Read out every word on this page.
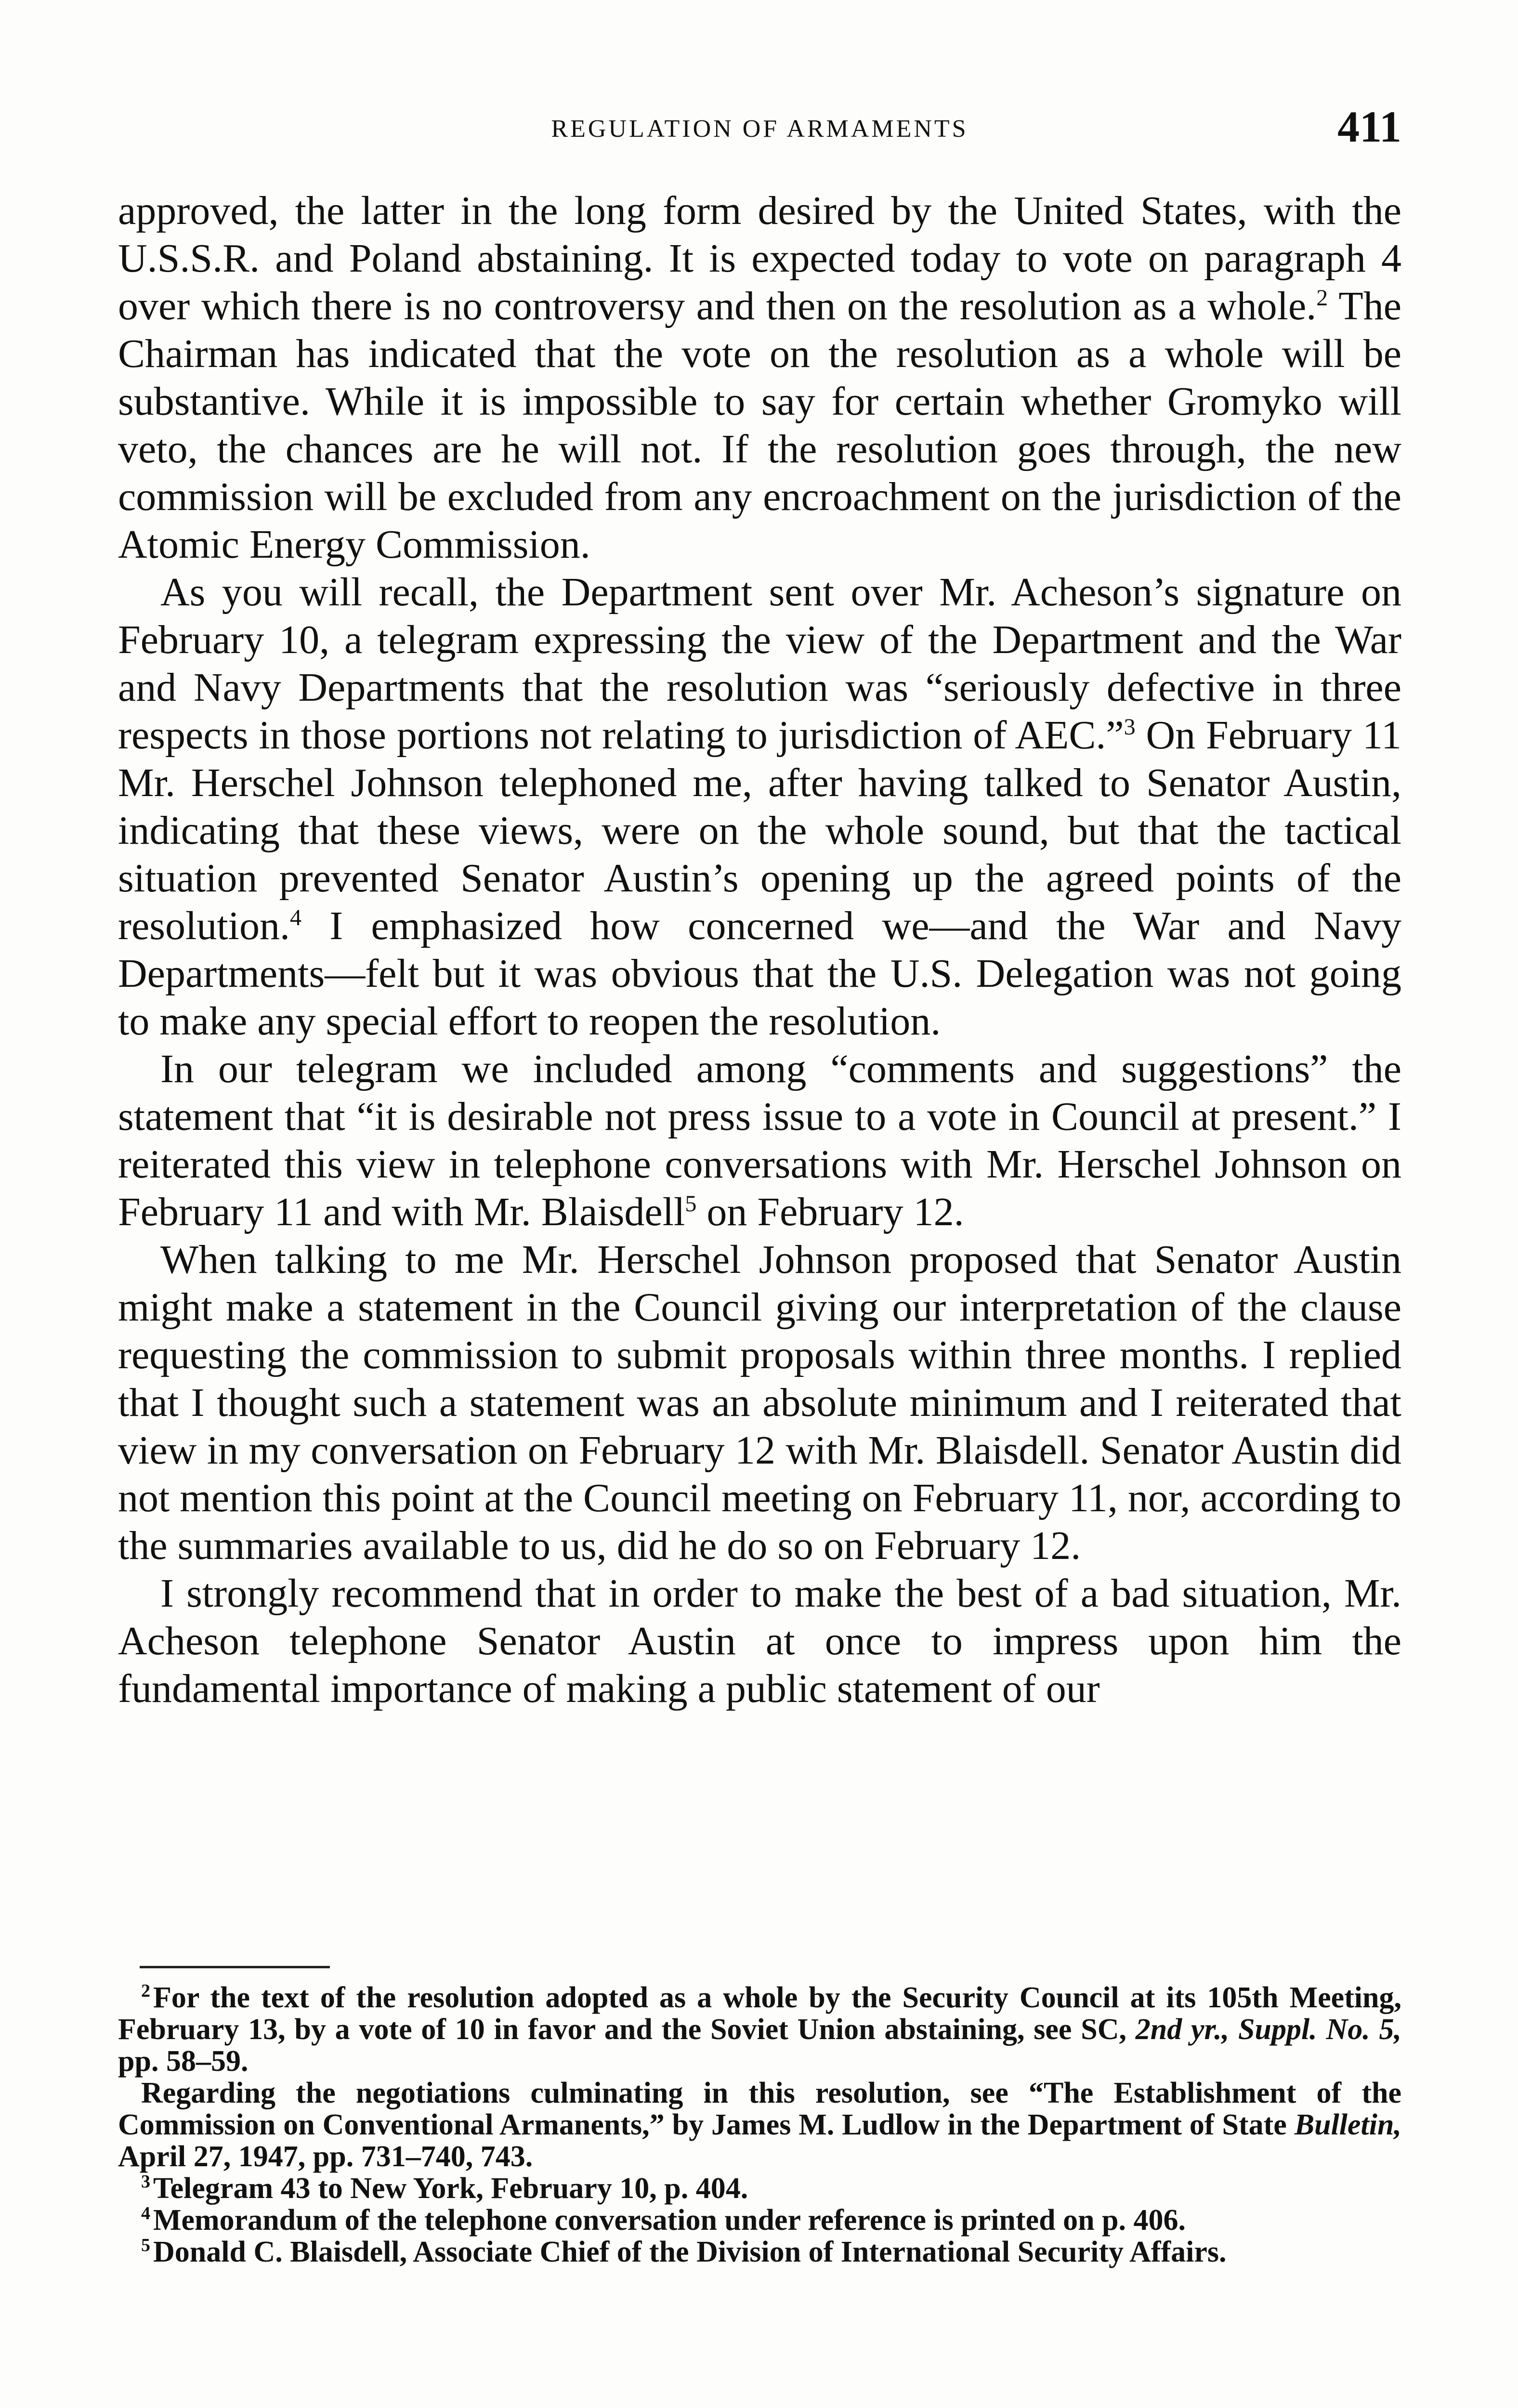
REGULATION OF ARMAMENTS	411

approved, the latter in the long form desired by the United States, with the U.S.S.R. and Poland abstaining. It is expected today to vote on paragraph 4 over which there is no controversy and then on the resolution as a whole.$^2$ The Chairman has indicated that the vote on the resolution as a whole will be substantive. While it is impossible to say for certain whether Gromyko will veto, the chances are he will not. If the resolution goes through, the new commission will be excluded from any encroachment on the jurisdiction of the Atomic Energy Commission.

As you will recall, the Department sent over Mr. Acheson’s signature on February 10, a telegram expressing the view of the Department and the War and Navy Departments that the resolution was “seriously defective in three respects in those portions not relating to jurisdiction of AEC.”$^3$ On February 11 Mr. Herschel Johnson telephoned me, after having talked to Senator Austin, indicating that these views, were on the whole sound, but that the tactical situation prevented Senator Austin’s opening up the agreed points of the resolution.$^4$ I emphasized how concerned we—and the War and Navy Departments—felt but it was obvious that the U.S. Delegation was not going to make any special effort to reopen the resolution.

In our telegram we included among “comments and suggestions” the statement that “it is desirable not press issue to a vote in Council at present.” I reiterated this view in telephone conversations with Mr. Herschel Johnson on February 11 and with Mr. Blaisdell$^5$ on February 12.

When talking to me Mr. Herschel Johnson proposed that Senator Austin might make a statement in the Council giving our interpretation of the clause requesting the commission to submit proposals within three months. I replied that I thought such a statement was an absolute minimum and I reiterated that view in my conversation on February 12 with Mr. Blaisdell. Senator Austin did not mention this point at the Council meeting on February 11, nor, according to the summaries available to us, did he do so on February 12.

I strongly recommend that in order to make the best of a bad situation, Mr. Acheson telephone Senator Austin at once to impress upon him the fundamental importance of making a public statement of our

$^2$For the text of the resolution adopted as a whole by the Security Council at its 105th Meeting, February 13, by a vote of 10 in favor and the Soviet Union abstaining, see SC, 2nd yr., Suppl. No. 5, pp. 58–59.

Regarding the negotiations culminating in this resolution, see “The Establishment of the Commission on Conventional Armanents,” by James M. Ludlow in the Department of State Bulletin, April 27, 1947, pp. 731–740, 743.

$^3$Telegram 43 to New York, February 10, p. 404.

$^4$Memorandum of the telephone conversation under reference is printed on p. 406.

$^5$Donald C. Blaisdell, Associate Chief of the Division of International Security Affairs.
